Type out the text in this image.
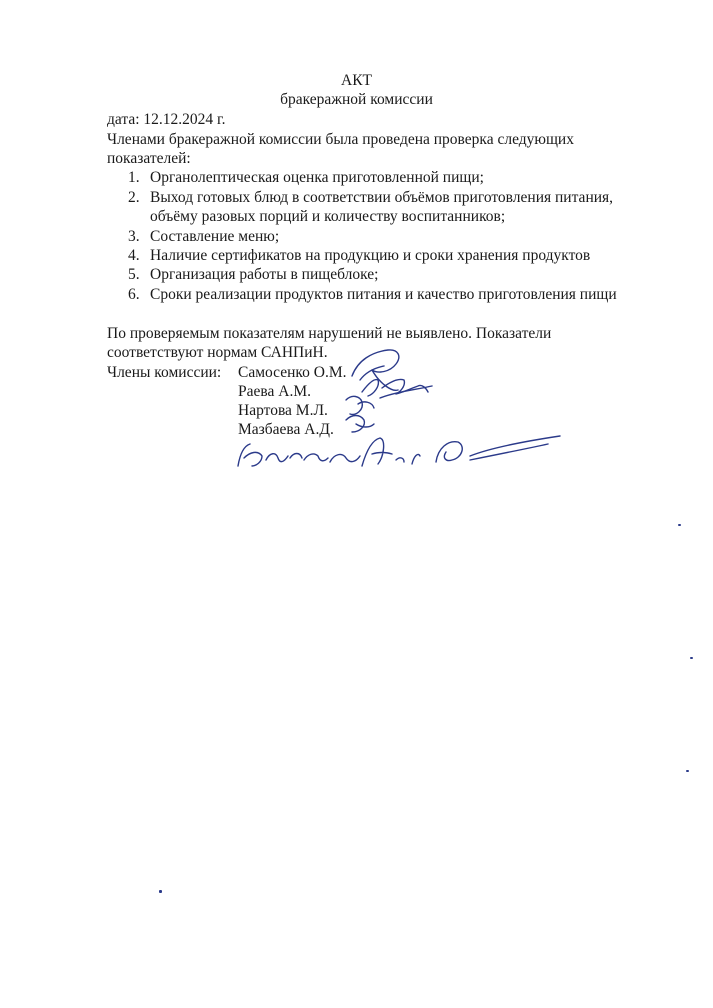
АКТ
бракеражной комиссии
дата: 12.12.2024 г.
Членами бракеражной комиссии была проведена проверка следующих
показателей:
1. Органолептическая оценка приготовленной пищи;
2. Выход готовых блюд в соответствии объёмов приготовления питания,
объёму разовых порций и количеству воспитанников;
3. Составление меню;
4. Наличие сертификатов на продукцию и сроки хранения продуктов
5. Организация работы в пищеблоке;
6. Сроки реализации продуктов питания и качество приготовления пищи
По проверяемым показателям нарушений не выявлено. Показатели
соответствуют нормам САНПиН.
Члены комиссии: Самосенко О.М.
Раева А.М.
Нартова М.Л.
Мазбаева А.Д.
